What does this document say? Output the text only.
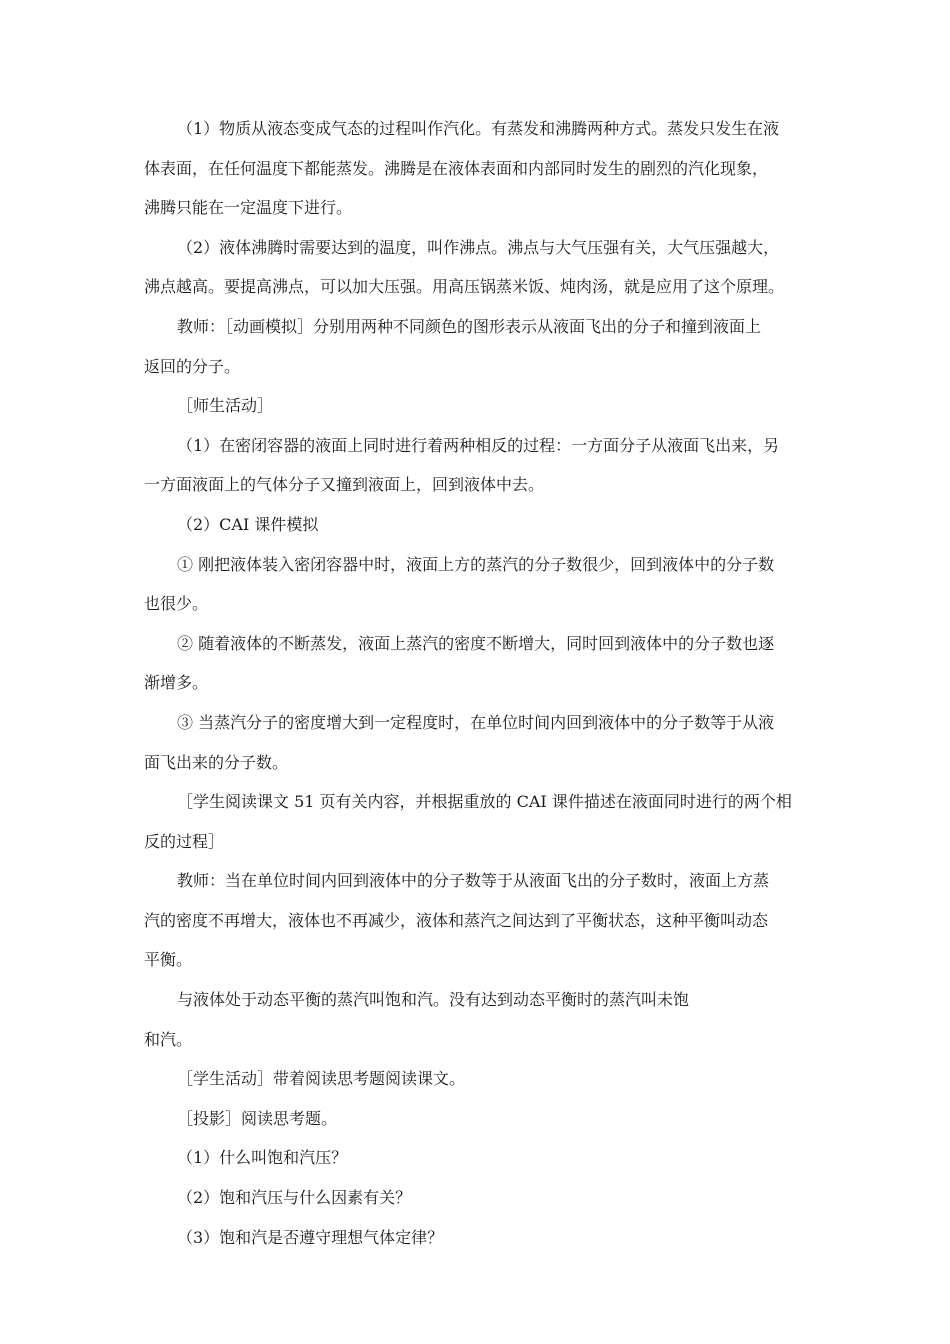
（1）物质从液态变成气态的过程叫作汽化。有蒸发和沸腾两种方式。蒸发只发生在液
体表面，在任何温度下都能蒸发。沸腾是在液体表面和内部同时发生的剧烈的汽化现象，
沸腾只能在一定温度下进行。
（2）液体沸腾时需要达到的温度，叫作沸点。沸点与大气压强有关，大气压强越大，
沸点越高。要提高沸点，可以加大压强。用高压锅蒸米饭、炖肉汤，就是应用了这个原理。
教师：［动画模拟］分别用两种不同颜色的图形表示从液面飞出的分子和撞到液面上
返回的分子。
［师生活动］
（1）在密闭容器的液面上同时进行着两种相反的过程：一方面分子从液面飞出来，另
一方面液面上的气体分子又撞到液面上，回到液体中去。
（2）CAI 课件模拟
① 刚把液体装入密闭容器中时，液面上方的蒸汽的分子数很少，回到液体中的分子数
也很少。
② 随着液体的不断蒸发，液面上蒸汽的密度不断增大，同时回到液体中的分子数也逐
渐增多。
③ 当蒸汽分子的密度增大到一定程度时，在单位时间内回到液体中的分子数等于从液
面飞出来的分子数。
［学生阅读课文 51 页有关内容，并根据重放的 CAI 课件描述在液面同时进行的两个相
反的过程］
教师：当在单位时间内回到液体中的分子数等于从液面飞出的分子数时，液面上方蒸
汽的密度不再增大，液体也不再减少，液体和蒸汽之间达到了平衡状态，这种平衡叫动态
平衡。
与液体处于动态平衡的蒸汽叫饱和汽。没有达到动态平衡时的蒸汽叫未饱
和汽。
［学生活动］带着阅读思考题阅读课文。
［投影］阅读思考题。
（1）什么叫饱和汽压？
（2）饱和汽压与什么因素有关？
（3）饱和汽是否遵守理想气体定律？
